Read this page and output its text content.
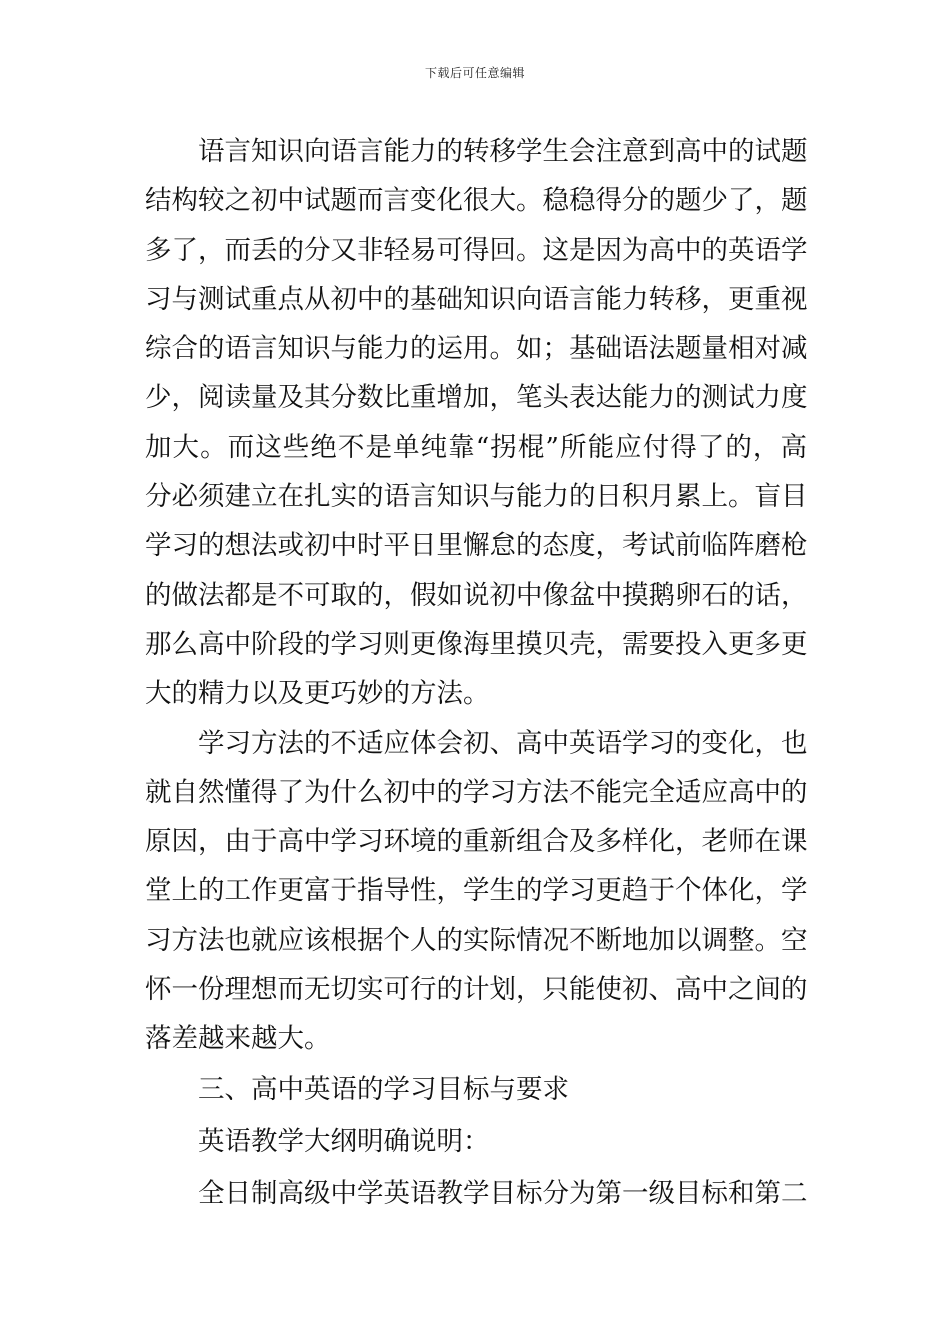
下载后可任意编辑
语言知识向语言能力的转移学生会注意到高中的试题
结构较之初中试题而言变化很大。稳稳得分的题少了，题
多了，而丢的分又非轻易可得回。这是因为高中的英语学
习与测试重点从初中的基础知识向语言能力转移，更重视
综合的语言知识与能力的运用。如；基础语法题量相对减
少，阅读量及其分数比重增加，笔头表达能力的测试力度
加大。而这些绝不是单纯靠“拐棍”所能应付得了的，高
分必须建立在扎实的语言知识与能力的日积月累上。盲目
学习的想法或初中时平日里懈怠的态度，考试前临阵磨枪
的做法都是不可取的，假如说初中像盆中摸鹅卵石的话，
那么高中阶段的学习则更像海里摸贝壳，需要投入更多更
大的精力以及更巧妙的方法。
学习方法的不适应体会初、高中英语学习的变化，也
就自然懂得了为什么初中的学习方法不能完全适应高中的
原因，由于高中学习环境的重新组合及多样化，老师在课
堂上的工作更富于指导性，学生的学习更趋于个体化，学
习方法也就应该根据个人的实际情况不断地加以调整。空
怀一份理想而无切实可行的计划，只能使初、高中之间的
落差越来越大。
三、高中英语的学习目标与要求
英语教学大纲明确说明：
全日制高级中学英语教学目标分为第一级目标和第二
